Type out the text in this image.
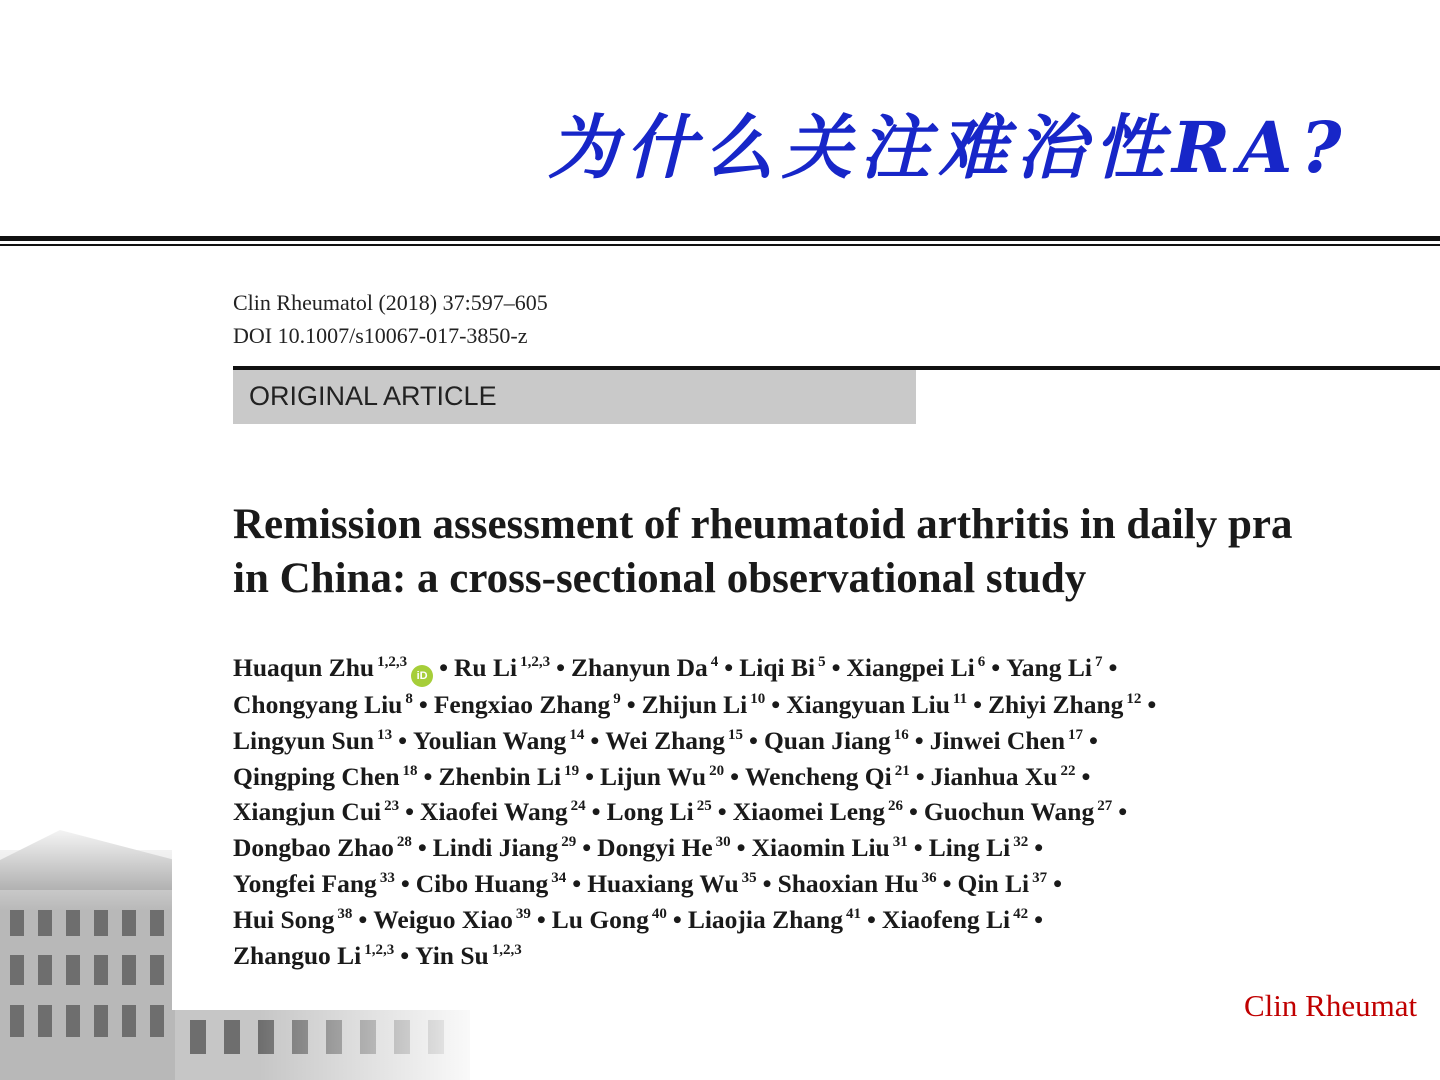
为什么关注难治性RA?
Clin Rheumatol (2018) 37:597–605
DOI 10.1007/s10067-017-3850-z
ORIGINAL ARTICLE
Remission assessment of rheumatoid arthritis in daily pra
in China: a cross-sectional observational study
Huaqun Zhu $^{1,2,3}$iD • Ru Li $^{1,2,3}$ • Zhanyun Da $^4$ • Liqi Bi $^5$ • Xiangpei Li $^6$ • Yang Li $^7$ •
Chongyang Liu $^8$ • Fengxiao Zhang $^9$ • Zhijun Li $^{10}$ • Xiangyuan Liu $^{11}$ • Zhiyi Zhang $^{12}$ •
Lingyun Sun $^{13}$ • Youlian Wang $^{14}$ • Wei Zhang $^{15}$ • Quan Jiang $^{16}$ • Jinwei Chen $^{17}$ •
Qingping Chen $^{18}$ • Zhenbin Li $^{19}$ • Lijun Wu $^{20}$ • Wencheng Qi $^{21}$ • Jianhua Xu $^{22}$ •
Xiangjun Cui $^{23}$ • Xiaofei Wang $^{24}$ • Long Li $^{25}$ • Xiaomei Leng $^{26}$ • Guochun Wang $^{27}$ •
Dongbao Zhao $^{28}$ • Lindi Jiang $^{29}$ • Dongyi He $^{30}$ • Xiaomin Liu $^{31}$ • Ling Li $^{32}$ •
Yongfei Fang $^{33}$ • Cibo Huang $^{34}$ • Huaxiang Wu $^{35}$ • Shaoxian Hu $^{36}$ • Qin Li $^{37}$ •
Hui Song $^{38}$ • Weiguo Xiao $^{39}$ • Lu Gong $^{40}$ • Liaojia Zhang $^{41}$ • Xiaofeng Li $^{42}$ •
Zhanguo Li $^{1,2,3}$ • Yin Su $^{1,2,3}$
Clin Rheumat
